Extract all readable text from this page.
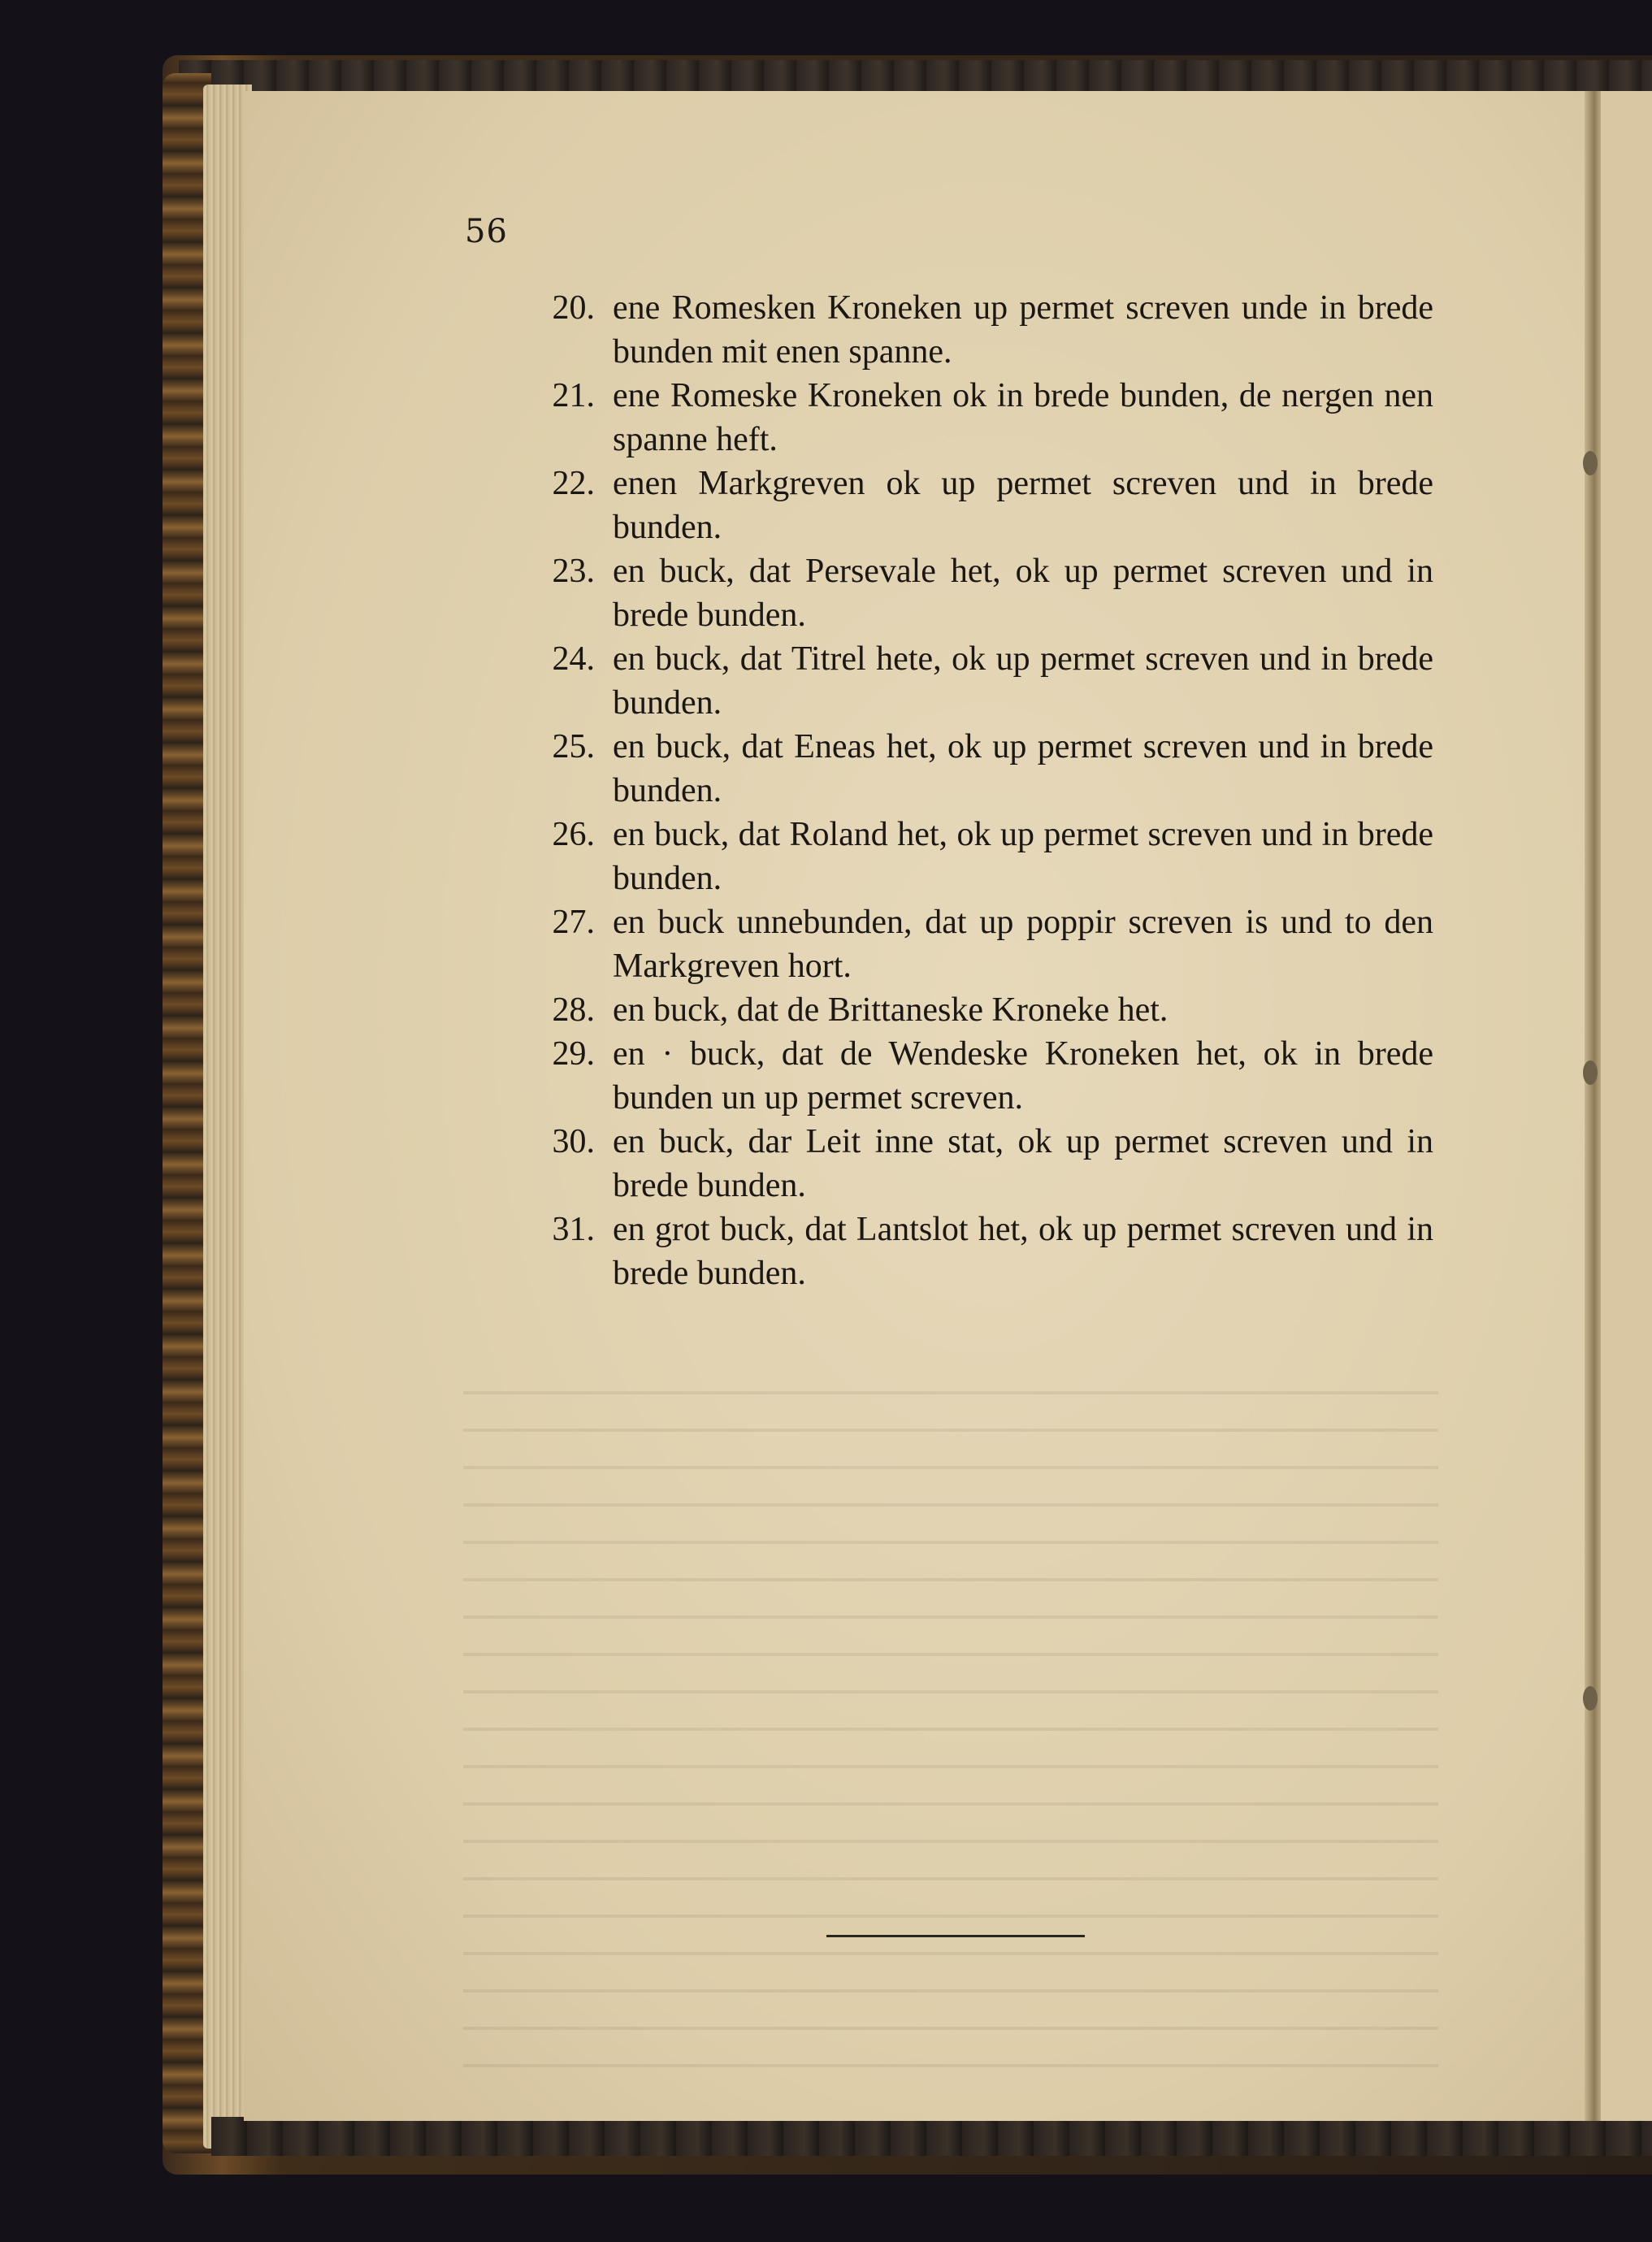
56
20. ene Romesken Kroneken up permet screven unde in brede bunden mit enen spanne.
21. ene Romeske Kroneken ok in brede bunden, de nergen nen spanne heft.
22. enen Markgreven ok up permet screven und in brede bunden.
23. en buck, dat Persevale het, ok up permet screven und in brede bunden.
24. en buck, dat Titrel hete, ok up permet screven und in brede bunden.
25. en buck, dat Eneas het, ok up permet screven und in brede bunden.
26. en buck, dat Roland het, ok up permet screven und in brede bunden.
27. en buck unnebunden, dat up poppir screven is und to den Markgreven hort.
28. en buck, dat de Brittaneske Kroneke het.
29. en · buck, dat de Wendeske Kroneken het, ok in brede bunden un up permet screven.
30. en buck, dar Leit inne stat, ok up permet screven und in brede bunden.
31. en grot buck, dat Lantslot het, ok up permet screven und in brede bunden.
